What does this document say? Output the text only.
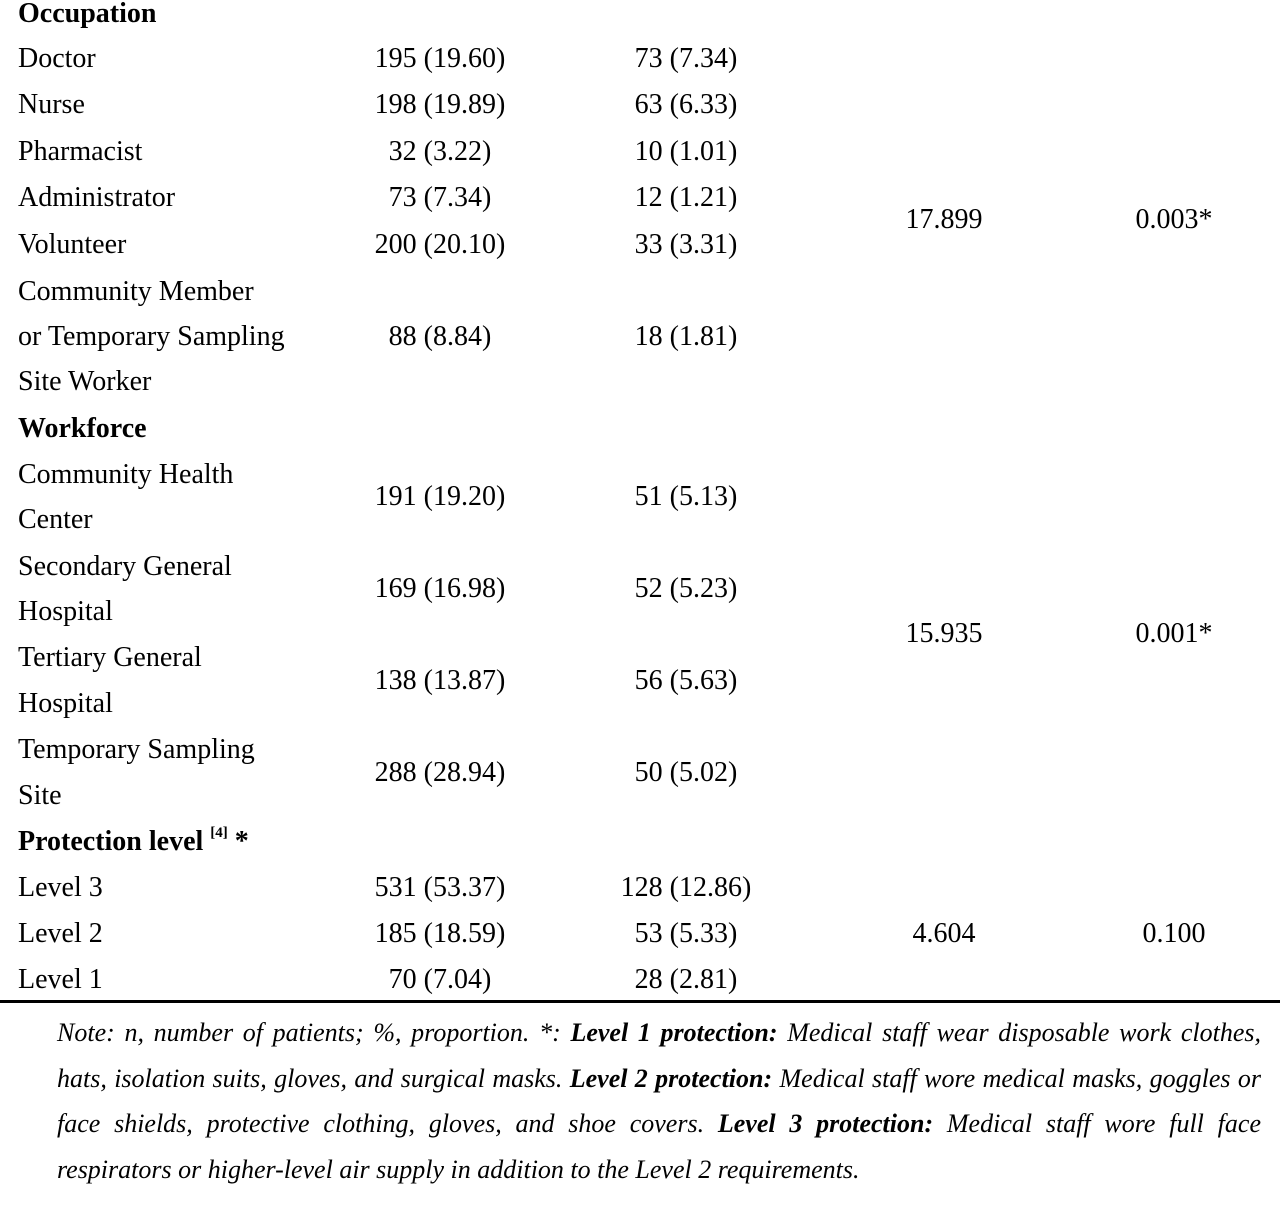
Occupation
Doctor	195 (19.60)	73 (7.34)
Nurse	198 (19.89)	63 (6.33)
Pharmacist	32 (3.22)	10 (1.01)
Administrator	73 (7.34)	12 (1.21)
Volunteer	200 (20.10)	33 (3.31)
Community Member
or Temporary Sampling
Site Worker
88 (8.84)	18 (1.81)
17.899	0.003*
Workforce
Community Health
Center
191 (19.20)	51 (5.13)
Secondary General
Hospital
169 (16.98)	52 (5.23)
Tertiary General
Hospital
138 (13.87)	56 (5.63)
Temporary Sampling
Site
288 (28.94)	50 (5.02)
15.935	0.001*
Protection level [4] *
Level 3	531 (53.37)	128 (12.86)
Level 2	185 (18.59)	53 (5.33)
Level 1	70 (7.04)	28 (2.81)
4.604	0.100
Note: n, number of patients; %, proportion. *: Level 1 protection: Medical staff wear disposable work clothes, hats, isolation suits, gloves, and surgical masks. Level 2 protection: Medical staff wore medical masks, goggles or face shields, protective clothing, gloves, and shoe covers. Level 3 protection: Medical staff wore full face respirators or higher-level air supply in addition to the Level 2 requirements.
